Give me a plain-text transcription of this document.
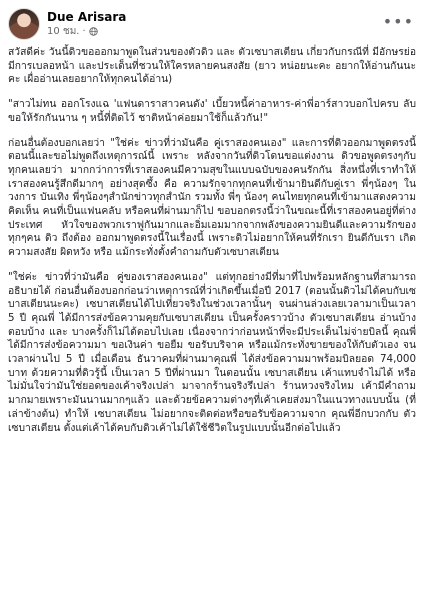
Due Arisara
10 ชม. ·
•••

สวัสดีค่ะ วันนี้ดิวขอออกมาพูดในส่วนของตัวดิว และ ตัวเซบาสเตียน เกี่ยวกับกรณีที่ มีอักษรย่อ มีการเบลอหน้า และประเด็นที่ชวนให้ใครหลายคนสงสัย (ยาว หน่อยนะคะ อยากให้อ่านกันนะคะ เผื่ออ่านเลยอยากให้ทุกคนได้อ่าน)

"สาวไม่ทน ออกโรงแฉ 'แฟนดาราสาวคนดัง' เบี้ยวหนี้ค่าอาหาร-ค่าพี่อาร์สาวบอกไปครบ ลับขอให้รักกันนาน ๆ หนี้ที่ติดไว้ ชาติหน้าค่อยมาใช้ก็แล้วกัน!"

ก่อนอื่นต้องบอกเลยว่า "ใช่ค่ะ ข่าวที่ว่ามันคือ คู่เราสองคนเอง" และการที่ดิวออกมาพูดตรงนี้ ตอนนี้และขอไม่พูดถึงเหตุการณ์นี้ เพราะ หลังจากวันที่ดิวโดนขอแต่งงาน ดิวขอพูดตรงๆกับทุกคนเลยว่า มากกว่าการที่เราสองคนมีความสุขในแบบฉบับของคนรักกัน สิ่งหนึ่งที่เราทำให้เราสองคนรู้สึกดีมากๆ อย่างสุดซึ้ง คือ ความรักจากทุกคนที่เข้ามายินดีกับคู่เรา พี่ๆน้องๆ ในวงการ บันเทิง พี่ๆน้องๆสำนักข่าวทุกสำนัก รวมทั้ง พี่ๆ น้องๆ คนไทยทุกคนที่เข้ามาแสดงความคิดเห็น คนที่เป็นแฟนคลับ หรือคนที่ผ่านมาก็ไป ขอบอกตรงนี้ว่าในขณะนี้ที่เราสองคนอยู่ที่ต่างประเทศ หัวใจของพวกเราฟูกันมากและอิ่มเอมมากจากพลังของความยินดีและความรักของทุกๆคน ดิว ถึงต้อง ออกมาพูดตรงนี้ในเรื่องนี้ เพราะดิวไม่อยากให้คนที่รักเรา ยินดีกับเรา เกิดความสงสัย ผิดหวัง หรือ แม้กระทั่งตั้งคำถามกับตัวเซบาสเตียน

"ใช่ค่ะ ข่าวที่ว่ามันคือ คู่ของเราสองคนเอง" แต่ทุกอย่างมีที่มาที่ไปพร้อมหลักฐานที่สามารถอธิบายได้ ก่อนอื่นต้องบอกก่อนว่าเหตุการณ์ที่ว่าเกิดขึ้นเมื่อปี 2017 (ตอนนั้นดิวไม่ได้คบกับเซบาสเตียนนะคะ) เซบาสเตียนได้ไปเที่ยวจริงในช่วงเวลานั้นๆ จนผ่านล่วงเลยเวลามาเป็นเวลา 5 ปี คุณพี่ ได้มีการส่งข้อความคุยกับเซบาสเตียน เป็นครั้งคราวบ้าง ตัวเซบาสเตียน อ่านบ้าง ตอบบ้าง และ บางครั้งก็ไม่ได้ตอบไปเลย เนื่องจากว่าก่อนหน้าที่จะมีประเด็นไม่จ่ายบิลนี้ คุณพี่ ได้มีการส่งข้อความมา ขอเงินค่า ขอยืม ขอรับบริจาค หรือแม้กระทั่งขายของให้กับตัวเอง จนเวลาผ่านไป 5 ปี เมื่อเดือน ธันวาคมที่ผ่านมาคุณพี่ ได้ส่งข้อความมาพร้อมบิลยอด 74,000 บาท ด้วยความที่ดิวรู้นี้ เป็นเวลา 5 ปีที่ผ่านมา ในตอนนั้น เซบาสเตียน เค้าแทบจำไม่ได้ หรือ ไม่มั่นใจว่ามันใช่ยอดของเค้าจริงเปล่า มาจากร้านจริงรึเปล่า ร้านหวงจริงไหม เค้ามีคำถามมากมายเพราะมันนานมากๆแล้ว และด้วยข้อความต่างๆที่เค้าเคยส่งมาในแนวทางแบบนั้น (ที่เล่าข้างต้น) ทำให้ เซบาสเตียน ไม่อยากจะติดต่อหรือขอรับข้อความจาก คุณพี่อีกบวกกับ ตัวเซบาสเตียน ตั้งแต่เค้าได้คบกับดิวเค้าไม่ได้ใช้ชีวิตในรูปแบบนั้นอีกต่อไปแล้ว
